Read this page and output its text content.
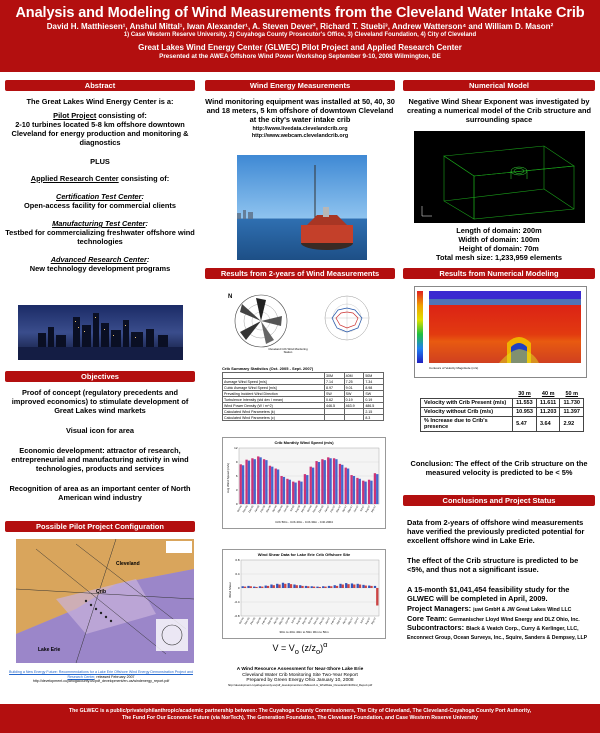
Analysis and Modeling of Wind Measurements from the Cleveland Water Intake Crib
David H. Matthiesen¹, Anshul Mittal¹, Iwan Alexander¹, A. Steven Dever², Richard T. Stuebi³, Andrew Watterson⁴ and William D. Mason²
1) Case Western Reserve University, 2) Cuyahoga County Prosecutor's Office, 3) Cleveland Foundation, 4) City of Cleveland
Great Lakes Wind Energy Center (GLWEC) Pilot Project and Applied Research Center
Presented at the AWEA Offshore Wind Power Workshop September 9-10, 2008 Wilmington, DE
Abstract
The Great Lakes Wind Energy Center is a:
Pilot Project consisting of:
2-10 turbines located 5-8 km offshore downtown Cleveland for energy production and monitoring & diagnostics
PLUS
Applied Research Center consisting of:
Certification Test Center:
Open-access facility for commercial clients
Manufacturing Test Center:
Testbed for commercializing freshwater offshore wind technologies
Advanced Research Center:
New technology development programs
Objectives
Proof of concept (regulatory precedents and improved economics) to stimulate development of Great Lakes wind markets
Visual icon for area
Economic development: attractor of research, entrepreneurial and manufacturing activity in wind technologies, products and services
Recognition of area as an important center of North American wind industry
Possible Pilot Project Configuration
Crib
Cleveland
Lake Erie
Building a New Energy Future: Recommendations for a Lake Erie Offshore Wind Energy Demonstration Project and Research Center, released February 2007
http://development.cuyahogacounty.us/pdf_development/en-us/windenergy_report.pdf
Wind Energy Measurements
Wind monitoring equipment was installed at 50, 40, 30 and 18 meters, 5 km offshore of downtown Cleveland at the city's water intake crib
http://www.livedata.clevelandcrib.org
http://www.webcam.clevelandcrib.org
Results from 2-years of Wind Measurements
N
Cleveland Crib Wind Monitoring Station
Crib Summary Statistics (Oct. 2005 - Sept. 2007)
	30M	40M	50M
Average Wind Speed [m/s]	7.14	7.25	7.34
Cubic Average Wind Speed [m/s]	8.97	9.01	8.98
Prevailing Incident Wind Direction	SW	SW	SW
Turbulence Intensity (std dev / mean)	0.62	0.19	0.19
Wind Power Density (W / m^2)	446.5	463.9	486.5
Calculated Wind Parameters (k)			2.15
Calculated Wind Parameters (c)			8.3
Crib Monthly Wind Speed (m/s)
Avg Wind Speed (m/s)
0
3
6
9
12
Oct-05 Nov-05 Dec-05 Jan-06 Feb-06 Mar-06 Apr-06 May-06 Jun-06 Jul-06 Aug-06 Sep-06 Oct-06 Nov-06 Dec-06 Jan-07 Feb-07 Mar-07 Apr-07 May-07 Jun-07 Jul-07 Aug-07 Sep-07
Crib 50m - Crib 40m - Crib 30m - Crib 2004
Wind Shear Data for Lake Erie Crib Offshore Site
Wind Shear
-0.8
-0.4
0
0.4
0.8
Oct-05 Nov-05 Dec-05 Jan-06 Feb-06 Mar-06 Apr-06 May-06 Jun-06 Jul-06 Aug-06 Sep-06 Oct-06 Nov-06 Dec-06 Jan-07 Feb-07 Mar-07 Apr-07 May-07 Jun-07 Jul-07 Aug-07 Sep-07
30m to 40m 40m to 50m 30m to 50m
$V = V_o$ $(z/z_o)^\alpha$
A Wind Resource Assessment for Near-Shore Lake Erie
Cleveland Water Crib Monitoring Site Two-Year Report
Prepared by Green Energy Ohio January 10, 2008
http://development.cuyahogacounty.us/pdf_development/en-US/Exec/Lm_WindData_ClevelandCribWind_Report.pdf
Numerical Model
Negative Wind Shear Exponent was investigated by creating a numerical model of the Crib structure and surrounding space
Length of domain: 200m
Width of domain: 100m
Height of domain: 70m
Total mesh size: 1,233,959 elements
Results from Numerical Modeling
Contours of Velocity Magnitude (m/s)
	30 m	40 m	50 m
Velocity with Crib Present (m/s)	11.553	11.611	11.730
Velocity without Crib (m/s)	10.953	11.203	11.397
% Increase due to Crib's presence	5.47	3.64	2.92
Conclusion: The effect of the Crib structure on the measured velocity is predicted to be < 5%
Conclusions and Project Status
Data from 2-years of offshore wind measurements have verified the previously predicted potential for excellent offshore wind in Lake Erie.
The effect of the Crib structure is predicted to be <5%, and thus not a significant issue.
A 15-month $1,041,454 feasibility study for the GLWEC will be completed in April, 2009.
Project Managers: juwi GmbH & JW Great Lakes Wind LLC
Core Team: Germanischer Lloyd Wind Energy and DLZ Ohio, Inc.
Subcontractors: Black & Veatch Corp., Curry & Kerlinger, LLC, Enconnect Group, Ocean Surveys, Inc., Squire, Sanders & Dempsey, LLP
The GLWEC is a public/private/philanthropic/academic partnership between: The Cuyahoga County Commissioners, The City of Cleveland, The Cleveland-Cuyahoga County Port Authority,
The Fund For Our Economic Future (via NorTech), The Generation Foundation, The Cleveland Foundation, and Case Western Reserve University
